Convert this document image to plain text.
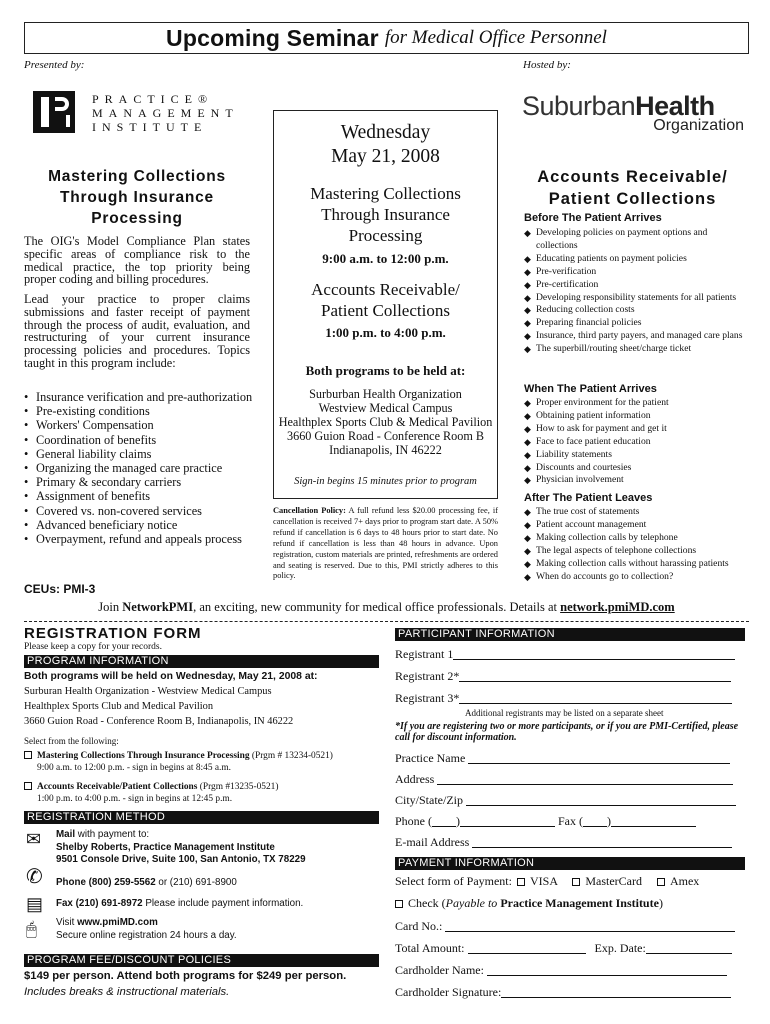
Upcoming Seminar for Medical Office Personnel
Presented by:	Hosted by:
PRACTICE®
MANAGEMENT
INSTITUTE
SuburbanHealth
Organization
Mastering Collections
Through Insurance
Processing
The OIG's Model Compliance Plan states specific areas of compliance risk to the medical practice, the top priority being proper coding and billing procedures.
Lead your practice to proper claims submissions and faster receipt of payment through the process of audit, evaluation, and restructuring of your current insurance processing policies and procedures. Topics taught in this program include:
• Insurance verification and pre-authorization
• Pre-existing conditions
• Workers' Compensation
• Coordination of benefits
• General liability claims
• Organizing the managed care practice
• Primary & secondary carriers
• Assignment of benefits
• Covered vs. non-covered services
• Advanced beneficiary notice
• Overpayment, refund and appeals process
CEUs: PMI-3
Wednesday
May 21, 2008
Mastering Collections
Through Insurance
Processing
9:00 a.m. to 12:00 p.m.
Accounts Receivable/
Patient Collections
1:00 p.m. to 4:00 p.m.
Both programs to be held at:
Surburban Health Organization
Westview Medical Campus
Healthplex Sports Club & Medical Pavilion
3660 Guion Road - Conference Room B
Indianapolis, IN 46222
Sign-in begins 15 minutes prior to program
Cancellation Policy: A full refund less $20.00 processing fee, if cancellation is received 7+ days prior to program start date. A 50% refund if cancellation is 6 days to 48 hours prior to start date. No refund if cancellation is less than 48 hours in advance. Upon registration, custom materials are printed, refreshments are ordered and seating is reserved. Due to this, PMI strictly adheres to this policy.
Accounts Receivable/
Patient Collections
Before The Patient Arrives
◆ Developing policies on payment options and collections
◆ Educating patients on payment policies
◆ Pre-verification
◆ Pre-certification
◆ Developing responsibility statements for all patients
◆ Reducing collection costs
◆ Preparing financial policies
◆ Insurance, third party payers, and managed care plans
◆ The superbill/routing sheet/charge ticket
When The Patient Arrives
◆ Proper environment for the patient
◆ Obtaining patient information
◆ How to ask for payment and get it
◆ Face to face patient education
◆ Liability statements
◆ Discounts and courtesies
◆ Physician involvement
After The Patient Leaves
◆ The true cost of statements
◆ Patient account management
◆ Making collection calls by telephone
◆ The legal aspects of telephone collections
◆ Making collection calls without harassing patients
◆ When do accounts go to collection?
Join NetworkPMI, an exciting, new community for medical office professionals. Details at network.pmiMD.com
REGISTRATION FORM
Please keep a copy for your records.
PROGRAM INFORMATION
Both programs will be held on Wednesday, May 21, 2008 at:
Surburan Health Organization - Westview Medical Campus
Healthplex Sports Club and Medical Pavilion
3660 Guion Road - Conference Room B, Indianapolis, IN 46222
Select from the following:
Mastering Collections Through Insurance Processing (Prgm # 13234-0521)
9:00 a.m. to 12:00 p.m. - sign in begins at 8:45 a.m.
Accounts Receivable/Patient Collections (Prgm #13235-0521)
1:00 p.m. to 4:00 p.m. - sign in begins at 12:45 p.m.
REGISTRATION METHOD
✉ Mail with payment to:
Shelby Roberts, Practice Management Institute
9501 Console Drive, Suite 100, San Antonio, TX 78229
✆ Phone (800) 259-5562 or (210) 691-8900
▤ Fax (210) 691-8972 Please include payment information.
🖱 Visit www.pmiMD.com
Secure online registration 24 hours a day.
PROGRAM FEE/DISCOUNT POLICIES
$149 per person. Attend both programs for $249 per person.
Includes breaks & instructional materials.
PARTICIPANT INFORMATION
Registrant 1
Registrant 2*
Registrant 3*
Additional registrants may be listed on a separate sheet
*If you are registering two or more participants, or if you are PMI-Certified, please call for discount information.
Practice Name
Address
City/State/Zip
Phone ( )	Fax ( )
E-mail Address
PAYMENT INFORMATION
Select form of Payment: VISA MasterCard Amex
Check (Payable to Practice Management Institute)
Card No.:
Total Amount:	Exp. Date:
Cardholder Name:
Cardholder Signature:
